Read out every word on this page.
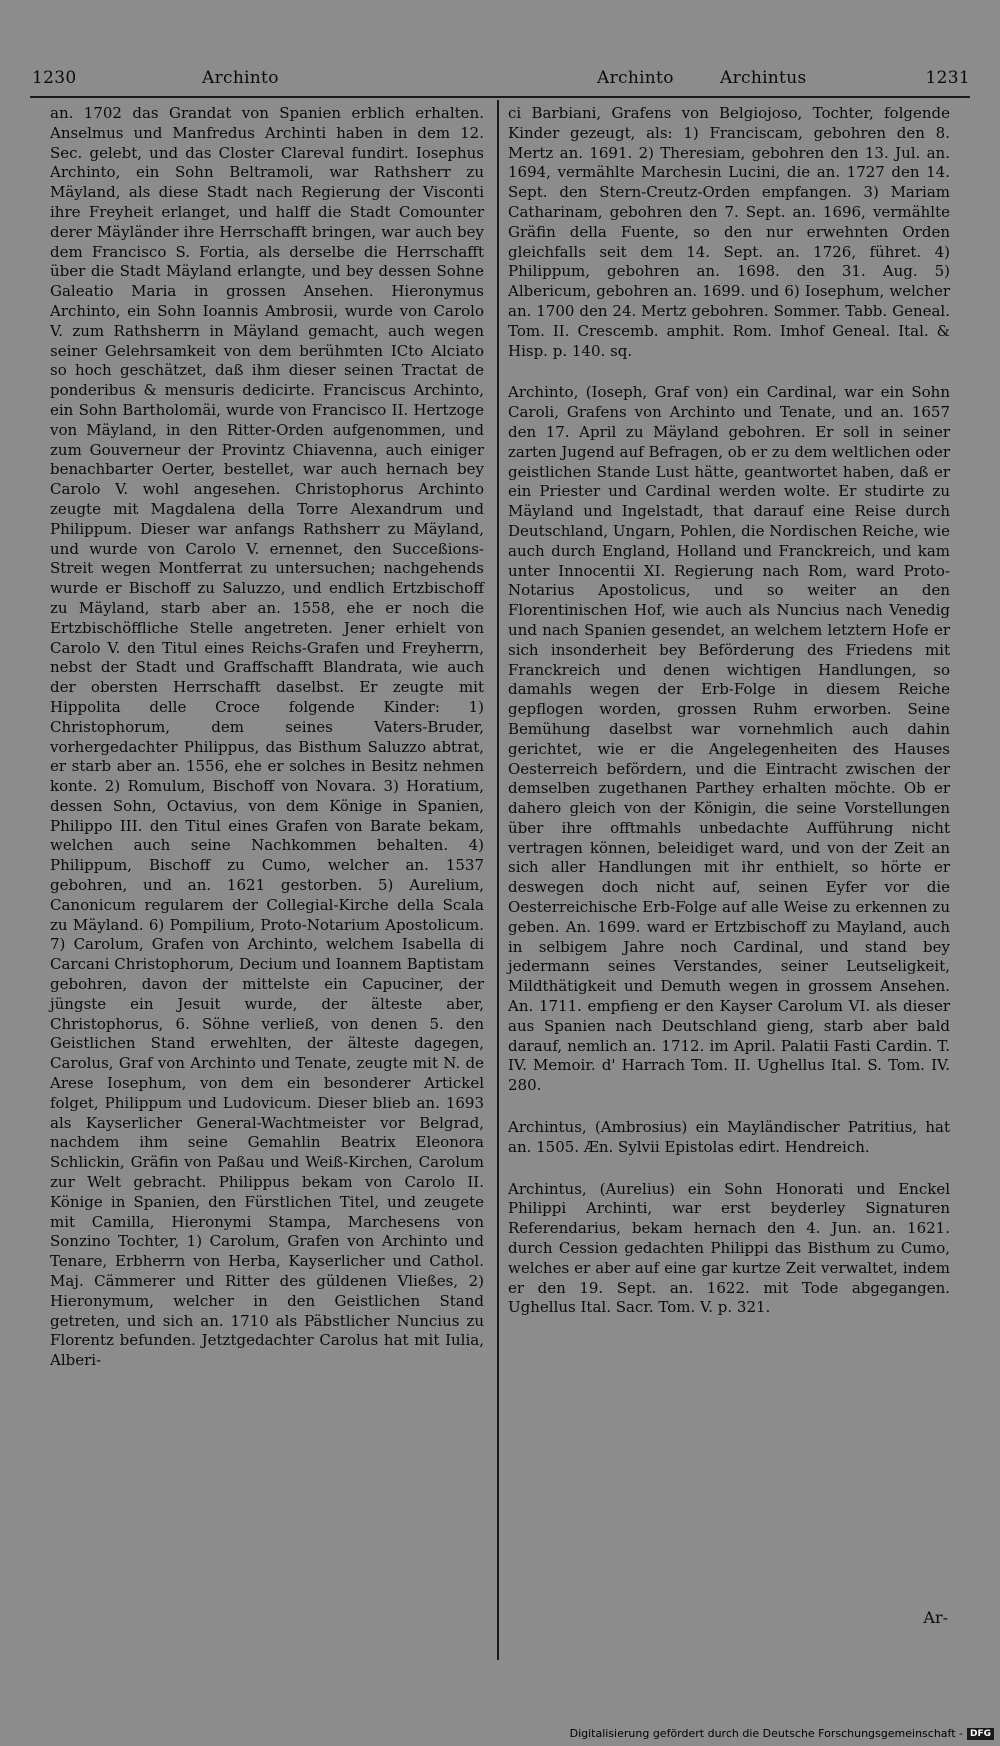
1230	Archinto	Archinto	Archintus	1231

an. 1702 das Grandat von Spanien erblich erhalten. Anselmus und Manfredus Archinti haben in dem 12. Sec. gelebt, und das Closter Clareval fundirt. Iosephus Archinto, ein Sohn Beltramoli, war Rathsherr zu Mäyland, als diese Stadt nach Regierung der Visconti ihre Freyheit erlanget, und halff die Stadt Comounter derer Mäyländer ihre Herrschafft bringen, war auch bey dem Francisco S. Fortia, als derselbe die Herrschafft über die Stadt Mäyland erlangte, und bey dessen Sohne Galeatio Maria in grossen Ansehen. Hieronymus Archinto, ein Sohn Ioannis Ambrosii, wurde von Carolo V. zum Rathsherrn in Mäyland gemacht, auch wegen seiner Gelehrsamkeit von dem berühmten ICto Alciato so hoch geschätzet, daß ihm dieser seinen Tractat de ponderibus & mensuris dedicirte. Franciscus Archinto, ein Sohn Bartholomäi, wurde von Francisco II. Hertzoge von Mäyland, in den Ritter-Orden aufgenommen, und zum Gouverneur der Provintz Chiavenna, auch einiger benachbarter Oerter, bestellet, war auch hernach bey Carolo V. wohl angesehen. Christophorus Archinto zeugte mit Magdalena della Torre Alexandrum und Philippum. Dieser war anfangs Rathsherr zu Mäyland, und wurde von Carolo V. ernennet, den Succeßions-Streit wegen Montferrat zu untersuchen; nachgehends wurde er Bischoff zu Saluzzo, und endlich Ertzbischoff zu Mäyland, starb aber an. 1558, ehe er noch die Ertzbischöffliche Stelle angetreten. Jener erhielt von Carolo V. den Titul eines Reichs-Grafen und Freyherrn, nebst der Stadt und Graffschafft Blandrata, wie auch der obersten Herrschafft daselbst. Er zeugte mit Hippolita delle Croce folgende Kinder: 1) Christophorum, dem seines Vaters-Bruder, vorhergedachter Philippus, das Bisthum Saluzzo abtrat, er starb aber an. 1556, ehe er solches in Besitz nehmen konte. 2) Romulum, Bischoff von Novara. 3) Horatium, dessen Sohn, Octavius, von dem Könige in Spanien, Philippo III. den Titul eines Grafen von Barate bekam, welchen auch seine Nachkommen behalten. 4) Philippum, Bischoff zu Cumo, welcher an. 1537 gebohren, und an. 1621 gestorben. 5) Aurelium, Canonicum regularem der Collegial-Kirche della Scala zu Mäyland. 6) Pompilium, Proto-Notarium Apostolicum. 7) Carolum, Grafen von Archinto, welchem Isabella di Carcani Christophorum, Decium und Ioannem Baptistam gebohren, davon der mittelste ein Capuciner, der jüngste ein Jesuit wurde, der älteste aber, Christophorus, 6. Söhne verließ, von denen 5. den Geistlichen Stand erwehlten, der älteste dagegen, Carolus, Graf von Archinto und Tenate, zeugte mit N. de Arese Iosephum, von dem ein besonderer Artickel folget, Philippum und Ludovicum. Dieser blieb an. 1693 als Kayserlicher General-Wachtmeister vor Belgrad, nachdem ihm seine Gemahlin Beatrix Eleonora Schlickin, Gräfin von Paßau und Weiß-Kirchen, Carolum zur Welt gebracht. Philippus bekam von Carolo II. Könige in Spanien, den Fürstlichen Titel, und zeugete mit Camilla, Hieronymi Stampa, Marchesens von Sonzino Tochter, 1) Carolum, Grafen von Archinto und Tenare, Erbherrn von Herba, Kayserlicher und Cathol. Maj. Cämmerer und Ritter des güldenen Vließes, 2) Hieronymum, welcher in den Geistlichen Stand getreten, und sich an. 1710 als Päbstlicher Nuncius zu Florentz befunden. Jetztgedachter Carolus hat mit Iulia, Alberi-

ci Barbiani, Grafens von Belgiojoso, Tochter, folgende Kinder gezeugt, als: 1) Franciscam, gebohren den 8. Mertz an. 1691. 2) Theresiam, gebohren den 13. Jul. an. 1694, vermählte Marchesin Lucini, die an. 1727 den 14. Sept. den Stern-Creutz-Orden empfangen. 3) Mariam Catharinam, gebohren den 7. Sept. an. 1696, vermählte Gräfin della Fuente, so den nur erwehnten Orden gleichfalls seit dem 14. Sept. an. 1726, führet. 4) Philippum, gebohren an. 1698. den 31. Aug. 5) Albericum, gebohren an. 1699. und 6) Iosephum, welcher an. 1700 den 24. Mertz gebohren. Sommer. Tabb. Geneal. Tom. II. Crescemb. amphit. Rom. Imhof Geneal. Ital. & Hisp. p. 140. sq.

Archinto, (Ioseph, Graf von) ein Cardinal, war ein Sohn Caroli, Grafens von Archinto und Tenate, und an. 1657 den 17. April zu Mäyland gebohren. Er soll in seiner zarten Jugend auf Befragen, ob er zu dem weltlichen oder geistlichen Stande Lust hätte, geantwortet haben, daß er ein Priester und Cardinal werden wolte. Er studirte zu Mäyland und Ingelstadt, that darauf eine Reise durch Deutschland, Ungarn, Pohlen, die Nordischen Reiche, wie auch durch England, Holland und Franckreich, und kam unter Innocentii XI. Regierung nach Rom, ward Proto-Notarius Apostolicus, und so weiter an den Florentinischen Hof, wie auch als Nuncius nach Venedig und nach Spanien gesendet, an welchem letztern Hofe er sich insonderheit bey Beförderung des Friedens mit Franckreich und denen wichtigen Handlungen, so damahls wegen der Erb-Folge in diesem Reiche gepflogen worden, grossen Ruhm erworben. Seine Bemühung daselbst war vornehmlich auch dahin gerichtet, wie er die Angelegenheiten des Hauses Oesterreich befördern, und die Eintracht zwischen der demselben zugethanen Parthey erhalten möchte. Ob er dahero gleich von der Königin, die seine Vorstellungen über ihre offtmahls unbedachte Aufführung nicht vertragen können, beleidiget ward, und von der Zeit an sich aller Handlungen mit ihr enthielt, so hörte er deswegen doch nicht auf, seinen Eyfer vor die Oesterreichische Erb-Folge auf alle Weise zu erkennen zu geben. An. 1699. ward er Ertzbischoff zu Mayland, auch in selbigem Jahre noch Cardinal, und stand bey jedermann seines Verstandes, seiner Leutseligkeit, Mildthätigkeit und Demuth wegen in grossem Ansehen. An. 1711. empfieng er den Kayser Carolum VI. als dieser aus Spanien nach Deutschland gieng, starb aber bald darauf, nemlich an. 1712. im April. Palatii Fasti Cardin. T. IV. Memoir. d' Harrach Tom. II. Ughellus Ital. S. Tom. IV. 280.

Archintus, (Ambrosius) ein Mayländischer Patritius, hat an. 1505. Æn. Sylvii Epistolas edirt. Hendreich.

Archintus, (Aurelius) ein Sohn Honorati und Enckel Philippi Archinti, war erst beyderley Signaturen Referendarius, bekam hernach den 4. Jun. an. 1621. durch Cession gedachten Philippi das Bisthum zu Cumo, welches er aber auf eine gar kurtze Zeit verwaltet, indem er den 19. Sept. an. 1622. mit Tode abgegangen. Ughellus Ital. Sacr. Tom. V. p. 321.

Ar-
Digitalisierung gefördert durch die Deutsche Forschungsgemeinschaft - DFG
